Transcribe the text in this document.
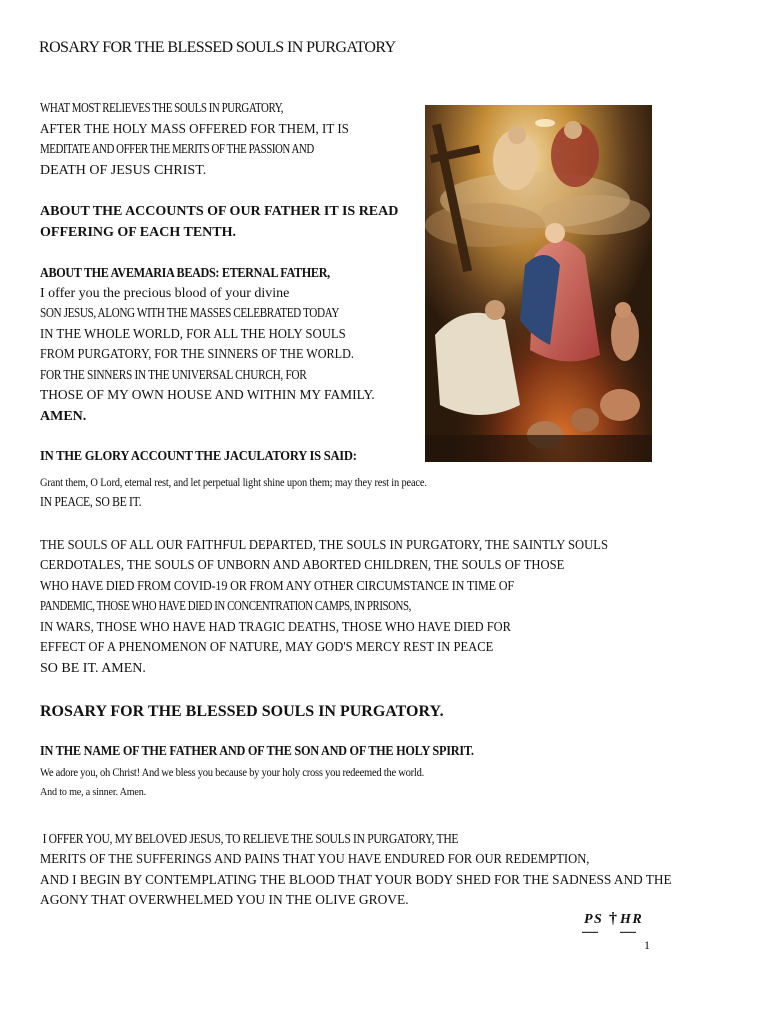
ROSARY FOR THE BLESSED SOULS IN PURGATORY

WHAT MOST RELIEVES THE SOULS IN PURGATORY,

AFTER THE HOLY MASS OFFERED FOR THEM, IT IS

MEDITATE AND OFFER THE MERITS OF THE PASSION AND

DEATH OF JESUS CHRIST.

ABOUT THE ACCOUNTS OF OUR FATHER IT IS READ

OFFERING OF EACH TENTH.

ABOUT THE AVEMARIA BEADS: ETERNAL FATHER,

I offer you the precious blood of your divine

SON JESUS, ALONG WITH THE MASSES CELEBRATED TODAY

IN THE WHOLE WORLD, FOR ALL THE HOLY SOULS

FROM PURGATORY, FOR THE SINNERS OF THE WORLD.

FOR THE SINNERS IN THE UNIVERSAL CHURCH, FOR

THOSE OF MY OWN HOUSE AND WITHIN MY FAMILY.

AMEN.

IN THE GLORY ACCOUNT THE JACULATORY IS SAID:

Grant them, O Lord, eternal rest, and let perpetual light shine upon them; may they rest in peace.

IN PEACE, SO BE IT.

THE SOULS OF ALL OUR FAITHFUL DEPARTED, THE SOULS IN PURGATORY, THE SAINTLY SOULS

CERDOTALES, THE SOULS OF UNBORN AND ABORTED CHILDREN, THE SOULS OF THOSE

WHO HAVE DIED FROM COVID-19 OR FROM ANY OTHER CIRCUMSTANCE IN TIME OF

PANDEMIC, THOSE WHO HAVE DIED IN CONCENTRATION CAMPS, IN PRISONS,

IN WARS, THOSE WHO HAVE HAD TRAGIC DEATHS, THOSE WHO HAVE DIED FOR

EFFECT OF A PHENOMENON OF NATURE, MAY GOD'S MERCY REST IN PEACE

SO BE IT. AMEN.

ROSARY FOR THE BLESSED SOULS IN PURGATORY.

IN THE NAME OF THE FATHER AND OF THE SON AND OF THE HOLY SPIRIT.

We adore you, oh Christ! And we bless you because by your holy cross you redeemed the world.

And to me, a sinner. Amen.

I OFFER YOU, MY BELOVED JESUS, TO RELIEVE THE SOULS IN PURGATORY, THE

MERITS OF THE SUFFERINGS AND PAINS THAT YOU HAVE ENDURED FOR OUR REDEMPTION,

AND I BEGIN BY CONTEMPLATING THE BLOOD THAT YOUR BODY SHED FOR THE SADNESS AND THE

AGONY THAT OVERWHELMED YOU IN THE OLIVE GROVE.

PS † HR
▬▬▬▬	▬▬▬▬
1
